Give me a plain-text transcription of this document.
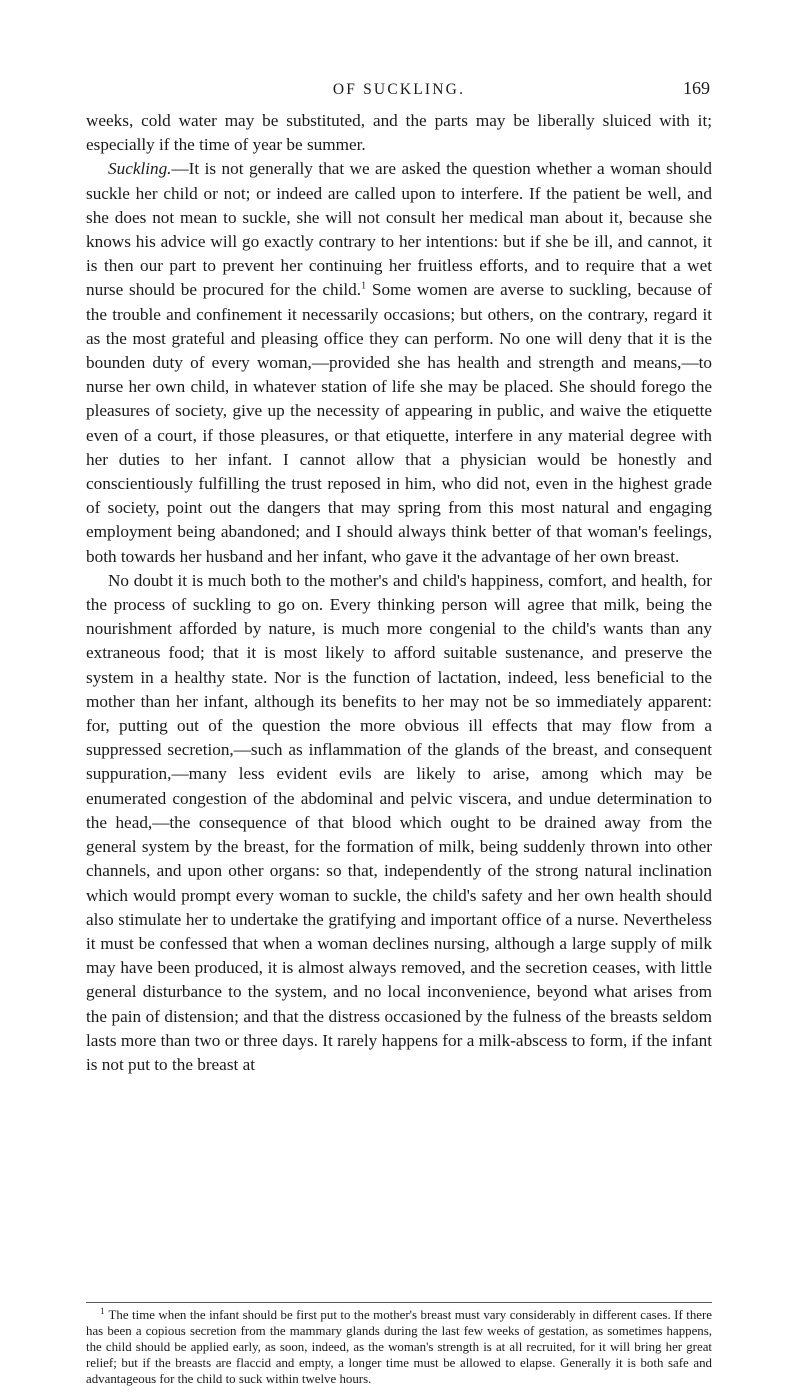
OF SUCKLING.	169

weeks, cold water may be substituted, and the parts may be liberally sluiced with it; especially if the time of year be summer.

Suckling.—It is not generally that we are asked the question whether a woman should suckle her child or not; or indeed are called upon to interfere. If the patient be well, and she does not mean to suckle, she will not consult her medical man about it, because she knows his advice will go exactly contrary to her intentions: but if she be ill, and cannot, it is then our part to prevent her continuing her fruitless efforts, and to require that a wet nurse should be procured for the child.$^1$ Some women are averse to suckling, because of the trouble and confinement it necessarily occasions; but others, on the contrary, regard it as the most grateful and pleasing office they can perform. No one will deny that it is the bounden duty of every woman,—provided she has health and strength and means,—to nurse her own child, in whatever station of life she may be placed. She should forego the pleasures of society, give up the necessity of appearing in public, and waive the etiquette even of a court, if those pleasures, or that etiquette, interfere in any material degree with her duties to her infant. I cannot allow that a physician would be honestly and conscientiously fulfilling the trust reposed in him, who did not, even in the highest grade of society, point out the dangers that may spring from this most natural and engaging employment being abandoned; and I should always think better of that woman's feelings, both towards her husband and her infant, who gave it the advantage of her own breast.

No doubt it is much both to the mother's and child's happiness, comfort, and health, for the process of suckling to go on. Every thinking person will agree that milk, being the nourishment afforded by nature, is much more congenial to the child's wants than any extraneous food; that it is most likely to afford suitable sustenance, and preserve the system in a healthy state. Nor is the function of lactation, indeed, less beneficial to the mother than her infant, although its benefits to her may not be so immediately apparent: for, putting out of the question the more obvious ill effects that may flow from a suppressed secretion,—such as inflammation of the glands of the breast, and consequent suppuration,—many less evident evils are likely to arise, among which may be enumerated congestion of the abdominal and pelvic viscera, and undue determination to the head,—the consequence of that blood which ought to be drained away from the general system by the breast, for the formation of milk, being suddenly thrown into other channels, and upon other organs: so that, independently of the strong natural inclination which would prompt every woman to suckle, the child's safety and her own health should also stimulate her to undertake the gratifying and important office of a nurse. Nevertheless it must be confessed that when a woman declines nursing, although a large supply of milk may have been produced, it is almost always removed, and the secretion ceases, with little general disturbance to the system, and no local inconvenience, beyond what arises from the pain of distension; and that the distress occasioned by the fulness of the breasts seldom lasts more than two or three days. It rarely happens for a milk-abscess to form, if the infant is not put to the breast at

$^1$ The time when the infant should be first put to the mother's breast must vary considerably in different cases. If there has been a copious secretion from the mammary glands during the last few weeks of gestation, as sometimes happens, the child should be applied early, as soon, indeed, as the woman's strength is at all recruited, for it will bring her great relief; but if the breasts are flaccid and empty, a longer time must be allowed to elapse. Generally it is both safe and advantageous for the child to suck within twelve hours.
